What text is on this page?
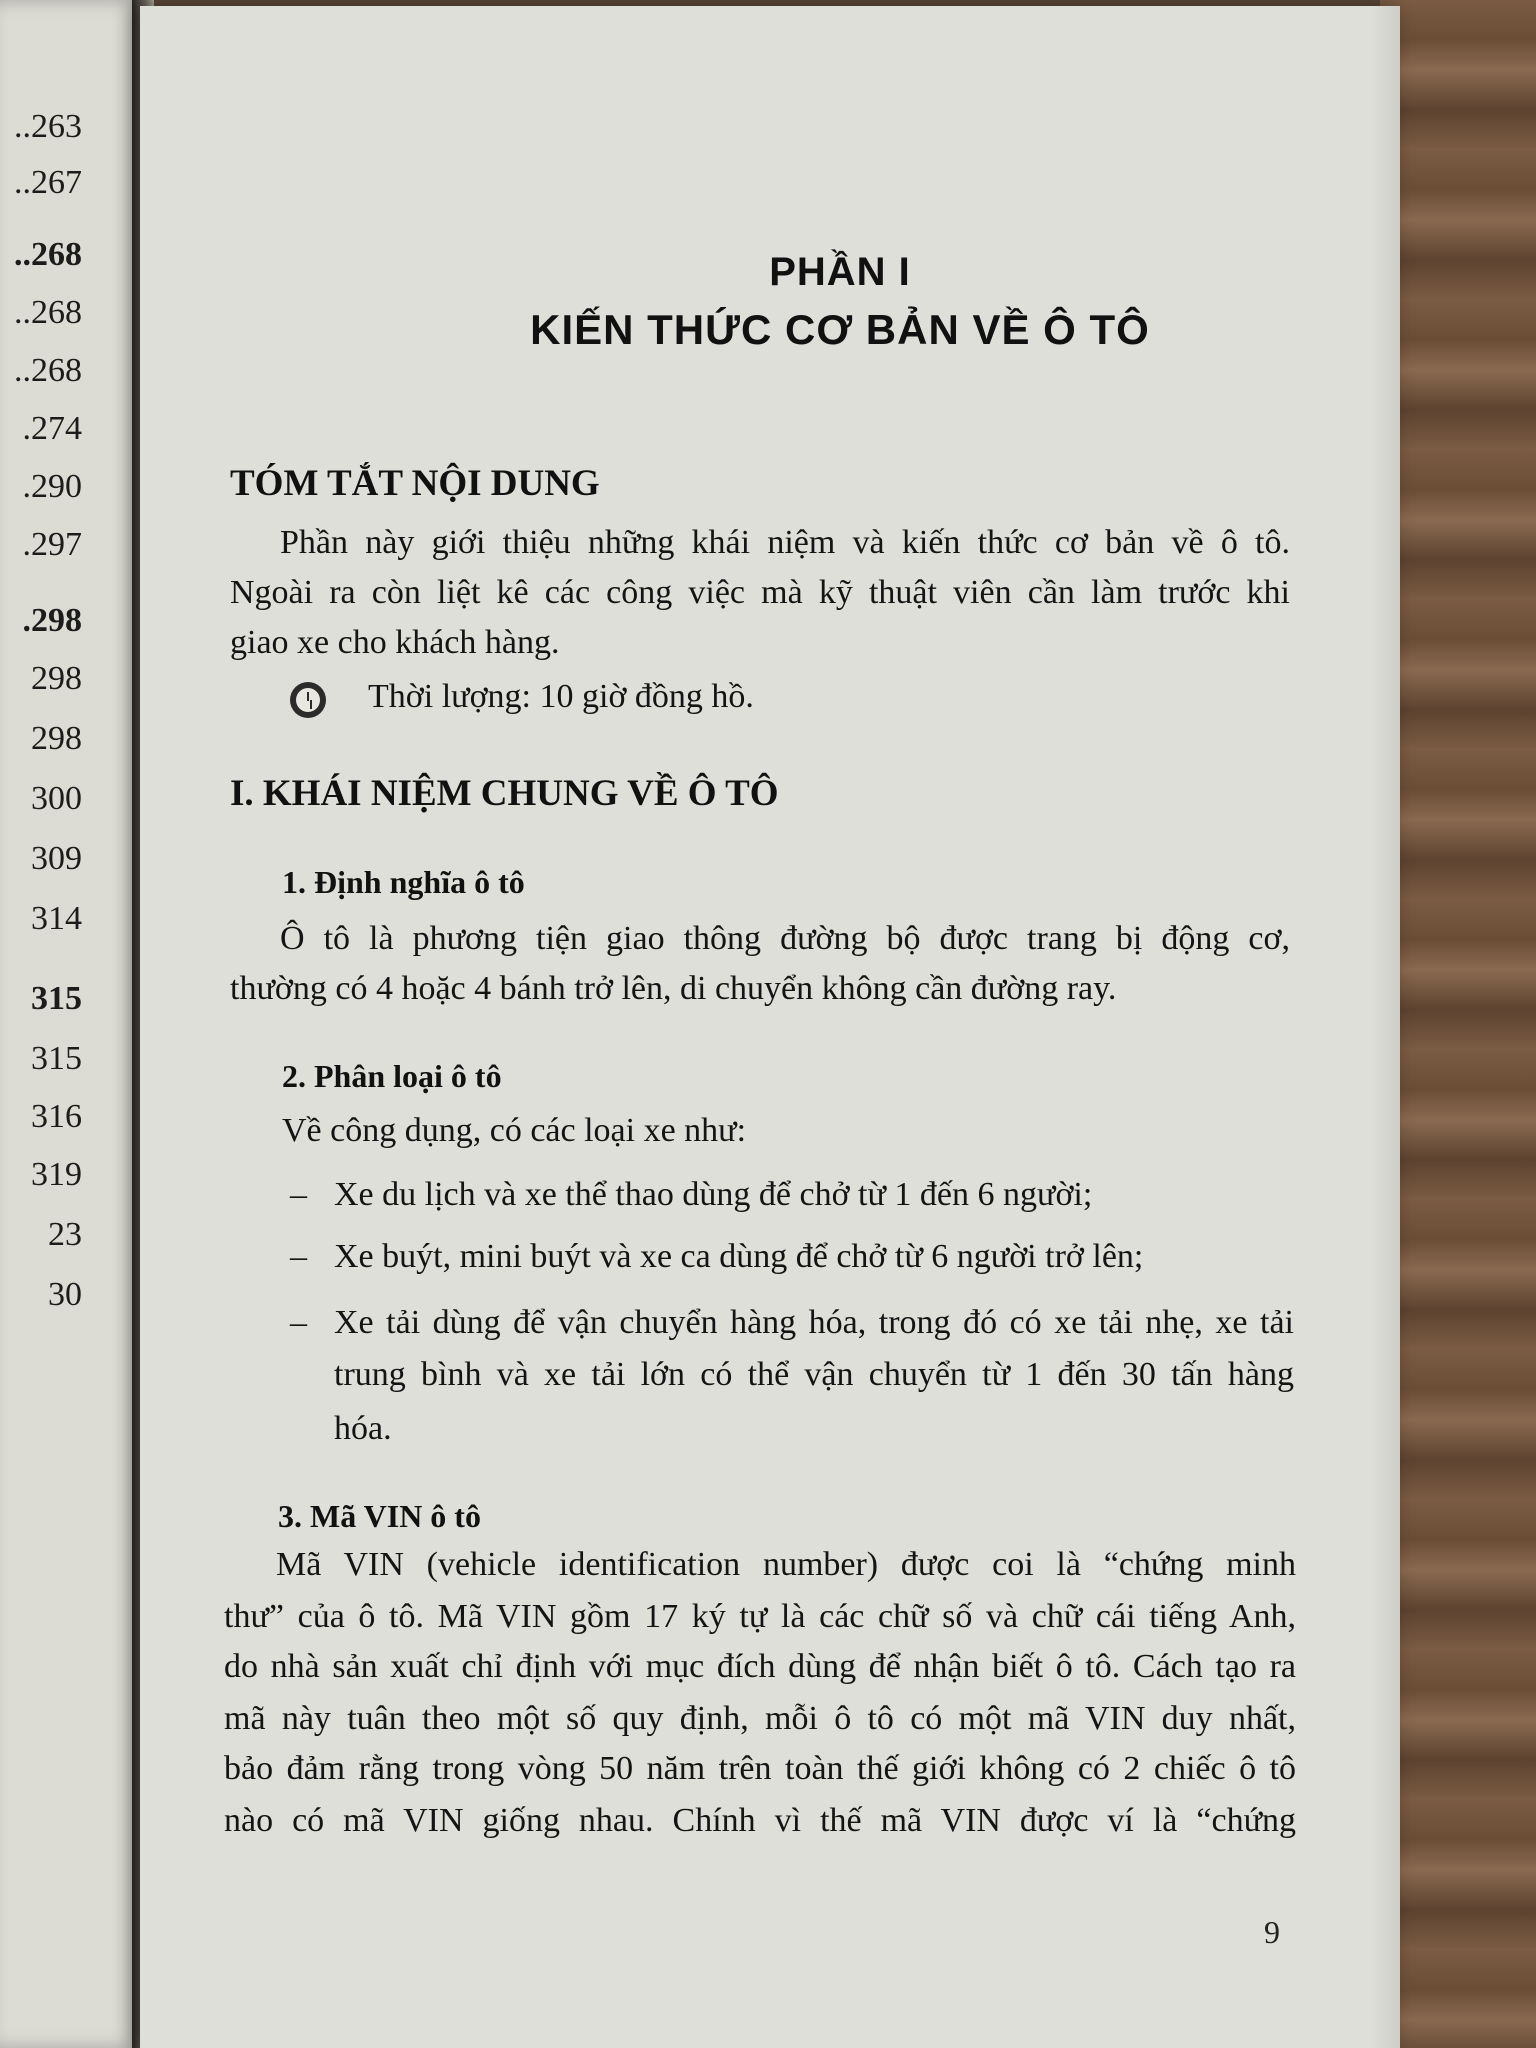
..263
..267
..268
..268
..268
.274
.290
.297
.298
298
298
300
309
314
315
315
316
319
23
30
PHẦN I
KIẾN THỨC CƠ BẢN VỀ Ô TÔ
TÓM TẮT NỘI DUNG
Phần này giới thiệu những khái niệm và kiến thức cơ bản về ô tô.
Ngoài ra còn liệt kê các công việc mà kỹ thuật viên cần làm trước khi
giao xe cho khách hàng.
Thời lượng: 10 giờ đồng hồ.
I. KHÁI NIỆM CHUNG VỀ Ô TÔ
1. Định nghĩa ô tô
Ô tô là phương tiện giao thông đường bộ được trang bị động cơ,
thường có 4 hoặc 4 bánh trở lên, di chuyển không cần đường ray.
2. Phân loại ô tô
Về công dụng, có các loại xe như:
– Xe du lịch và xe thể thao dùng để chở từ 1 đến 6 người;
– Xe buýt, mini buýt và xe ca dùng để chở từ 6 người trở lên;
– Xe tải dùng để vận chuyển hàng hóa, trong đó có xe tải nhẹ, xe tải
trung bình và xe tải lớn có thể vận chuyển từ 1 đến 30 tấn hàng
hóa.
3. Mã VIN ô tô
Mã VIN (vehicle identification number) được coi là “chứng minh
thư” của ô tô. Mã VIN gồm 17 ký tự là các chữ số và chữ cái tiếng Anh,
do nhà sản xuất chỉ định với mục đích dùng để nhận biết ô tô. Cách tạo ra
mã này tuân theo một số quy định, mỗi ô tô có một mã VIN duy nhất,
bảo đảm rằng trong vòng 50 năm trên toàn thế giới không có 2 chiếc ô tô
nào có mã VIN giống nhau. Chính vì thế mã VIN được ví là “chứng
9
